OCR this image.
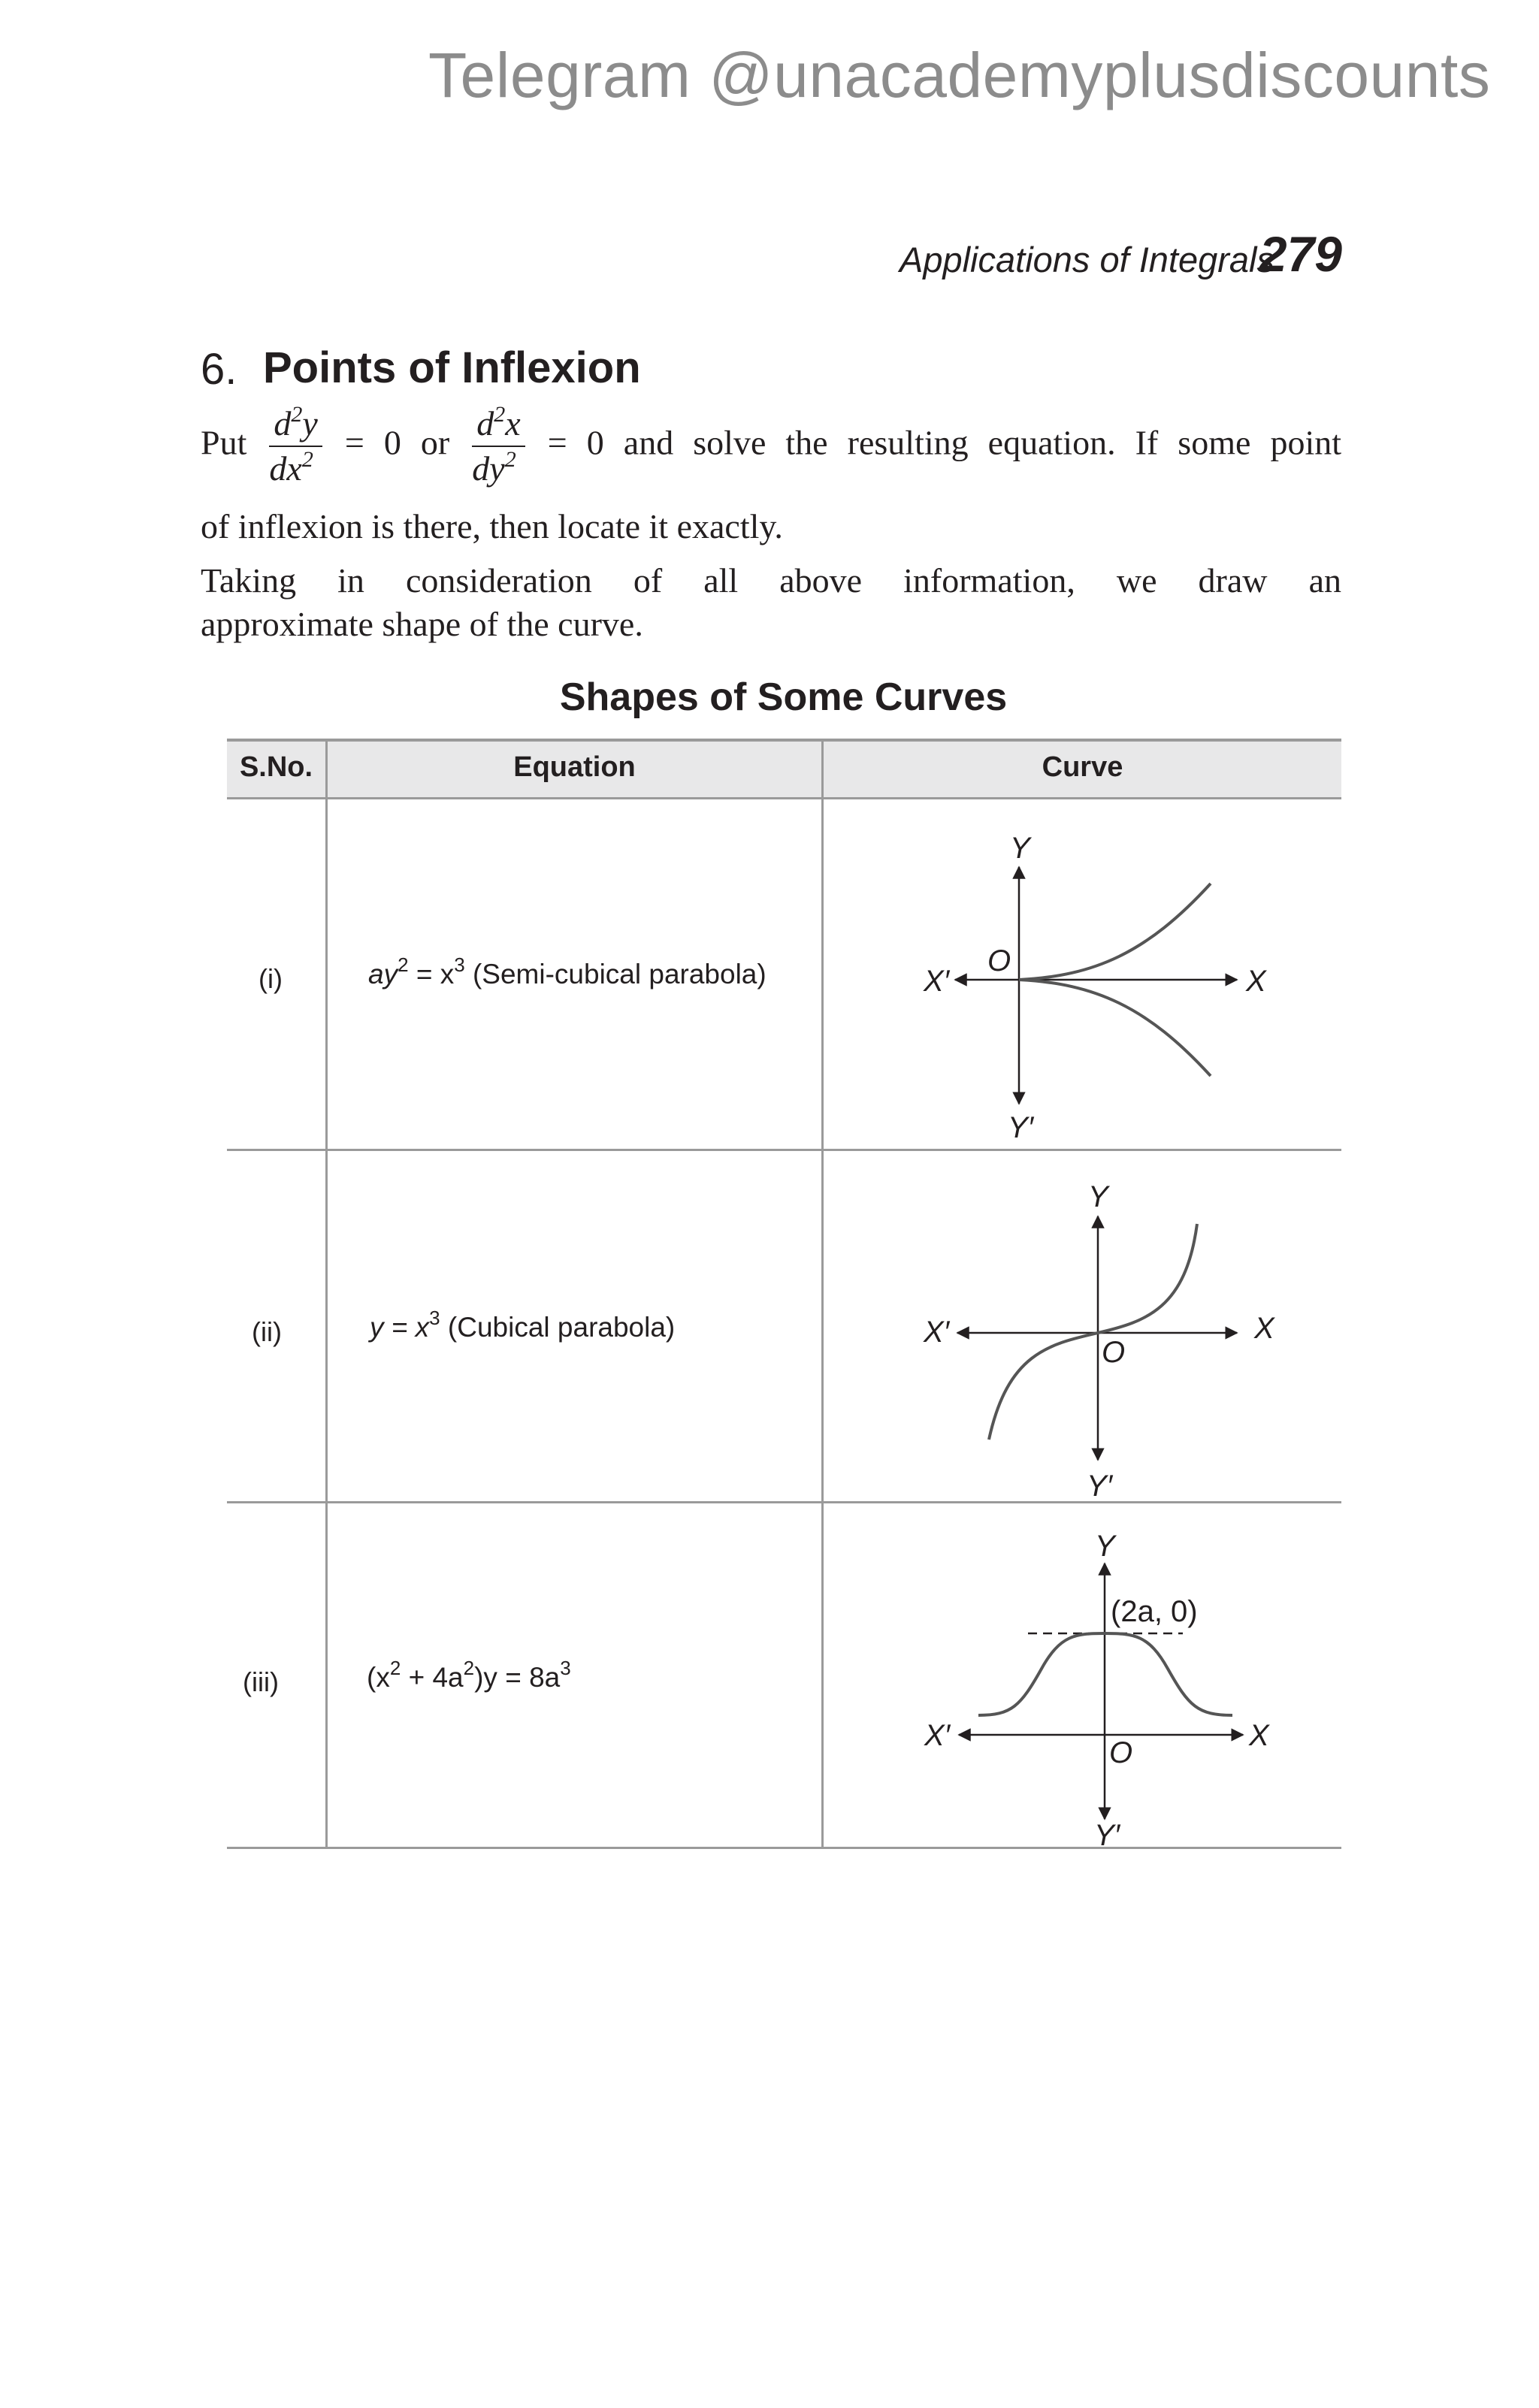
Telegram @unacademyplusdiscounts
Applications of Integrals
279
6. Points of Inflexion
Put $\frac{d^2y}{dx^2} = 0$ or $\frac{d^2x}{dy^2} = 0$ and solve the resulting equation. If some point
of inflexion is there, then locate it exactly.
Taking in consideration of all above information, we draw an
approximate shape of the curve.
Shapes of Some Curves
S.No.	Equation	Curve
(i)	$ay^2 = x^3$ (Semi-cubical parabola)
Y
Y′
X
X′
O
(ii)	$y = x^3$ (Cubical parabola)
Y
Y′
X
X′
O
(iii)	$(x^2 + 4a^2)y = 8a^3$
Y
Y′
X
X′
O
(2a, 0)
